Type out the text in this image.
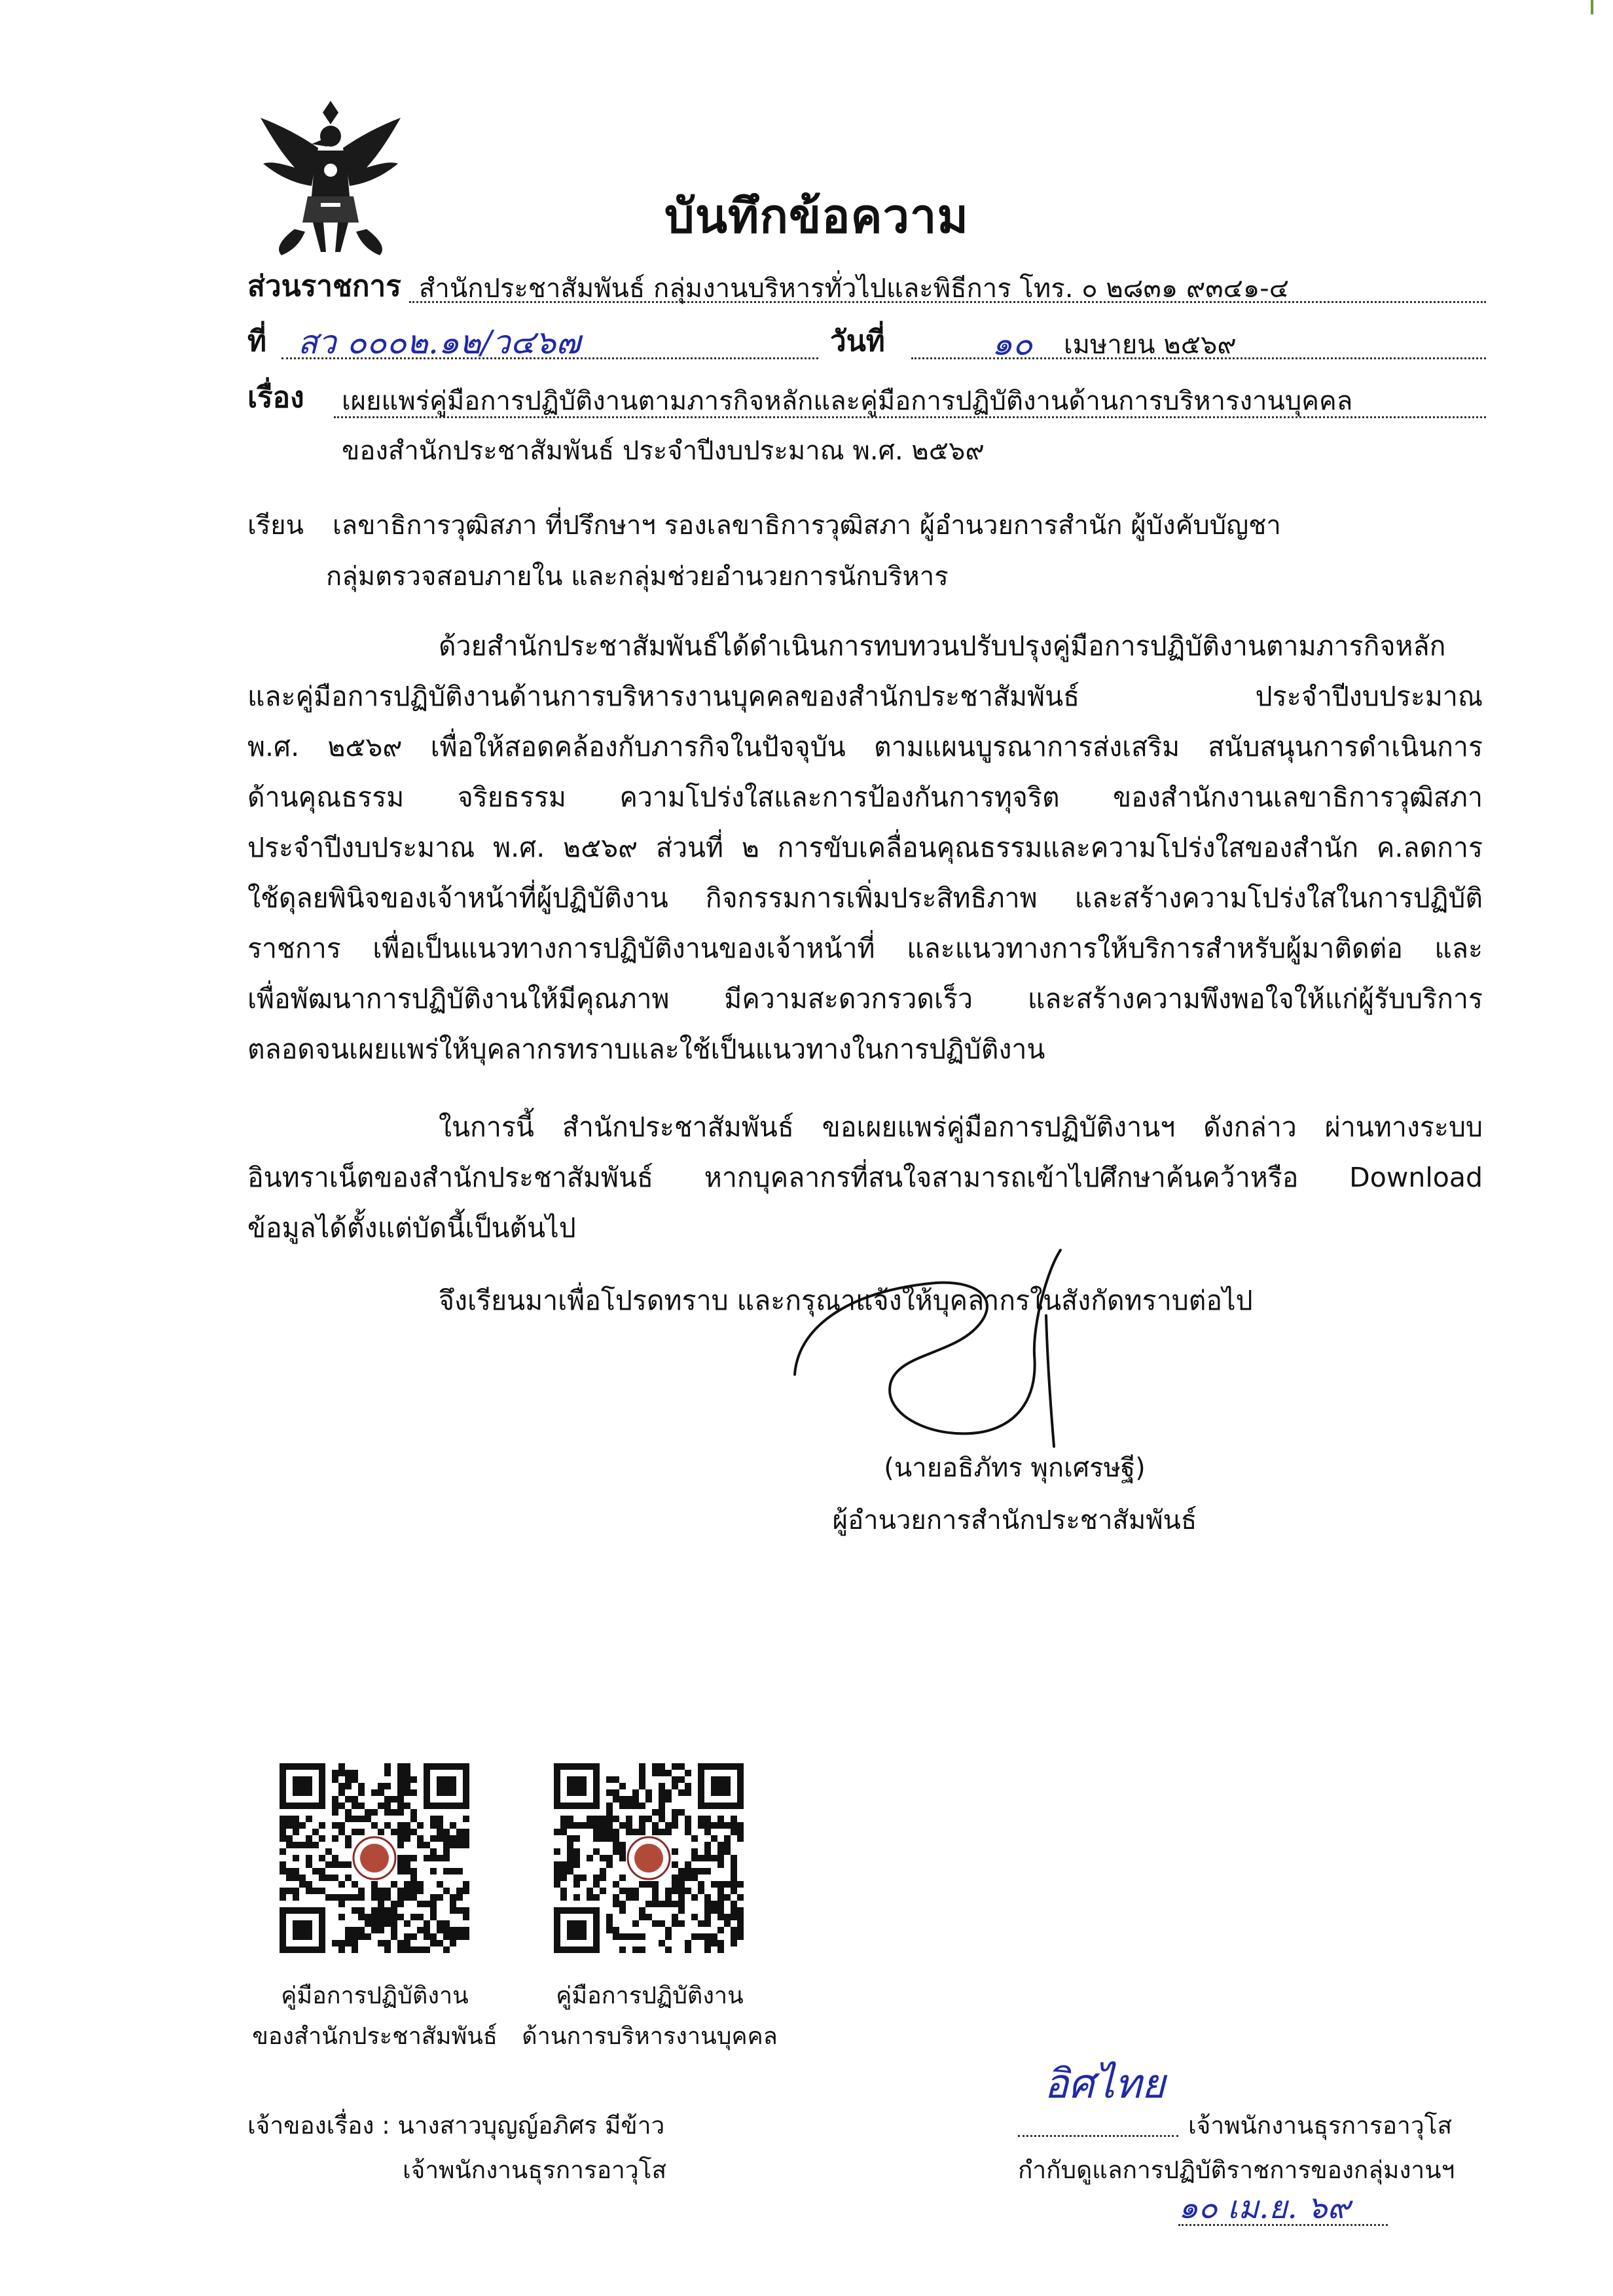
บันทึกข้อความ
ส่วนราชการ สำนักประชาสัมพันธ์ กลุ่มงานบริหารทั่วไปและพิธีการ โทร. ๐ ๒๘๓๑ ๙๓๔๑-๔
ที่ สว ๐๐๐๒.๑๒/ว๔๖๗	วันที่	๑๐ เมษายน ๒๕๖๙
เรื่อง เผยแพร่คู่มือการปฏิบัติงานตามภารกิจหลักและคู่มือการปฏิบัติงานด้านการบริหารงานบุคคล
ของสำนักประชาสัมพันธ์ ประจำปีงบประมาณ พ.ศ. ๒๕๖๙
เรียน เลขาธิการวุฒิสภา ที่ปรึกษาฯ รองเลขาธิการวุฒิสภา ผู้อำนวยการสำนัก ผู้บังคับบัญชา
กลุ่มตรวจสอบภายใน และกลุ่มช่วยอำนวยการนักบริหาร
ด้วยสำนักประชาสัมพันธ์ได้ดำเนินการทบทวนปรับปรุงคู่มือการปฏิบัติงานตามภารกิจหลัก
และคู่มือการปฏิบัติงานด้านการบริหารงานบุคคลของสำนักประชาสัมพันธ์ ประจำปีงบประมาณ
พ.ศ. ๒๕๖๙ เพื่อให้สอดคล้องกับภารกิจในปัจจุบัน ตามแผนบูรณาการส่งเสริม สนับสนุนการดำเนินการ
ด้านคุณธรรม จริยธรรม ความโปร่งใสและการป้องกันการทุจริต ของสำนักงานเลขาธิการวุฒิสภา
ประจำปีงบประมาณ พ.ศ. ๒๕๖๙ ส่วนที่ ๒ การขับเคลื่อนคุณธรรมและความโปร่งใสของสำนัก ค.ลดการ
ใช้ดุลยพินิจของเจ้าหน้าที่ผู้ปฏิบัติงาน กิจกรรมการเพิ่มประสิทธิภาพ และสร้างความโปร่งใสในการปฏิบัติ
ราชการ เพื่อเป็นแนวทางการปฏิบัติงานของเจ้าหน้าที่ และแนวทางการให้บริการสำหรับผู้มาติดต่อ และ
เพื่อพัฒนาการปฏิบัติงานให้มีคุณภาพ มีความสะดวกรวดเร็ว และสร้างความพึงพอใจให้แก่ผู้รับบริการ
ตลอดจนเผยแพร่ให้บุคลากรทราบและใช้เป็นแนวทางในการปฏิบัติงาน
ในการนี้ สำนักประชาสัมพันธ์ ขอเผยแพร่คู่มือการปฏิบัติงานฯ ดังกล่าว ผ่านทางระบบ
อินทราเน็ตของสำนักประชาสัมพันธ์ หากบุคลากรที่สนใจสามารถเข้าไปศึกษาค้นคว้าหรือ Download
ข้อมูลได้ตั้งแต่บัดนี้เป็นต้นไป
จึงเรียนมาเพื่อโปรดทราบ และกรุณาแจ้งให้บุคลากรในสังกัดทราบต่อไป
(นายอธิภัทร พุกเศรษฐี)
ผู้อำนวยการสำนักประชาสัมพันธ์
คู่มือการปฏิบัติงาน
ของสำนักประชาสัมพันธ์
คู่มือการปฏิบัติงาน
ด้านการบริหารงานบุคคล
เจ้าของเรื่อง : นางสาวบุญญ์อภิศร มีข้าว
เจ้าพนักงานธุรการอาวุโส
อิศไทย
เจ้าพนักงานธุรการอาวุโส
กำกับดูแลการปฏิบัติราชการของกลุ่มงานฯ
๑๐ เม.ย. ๖๙
